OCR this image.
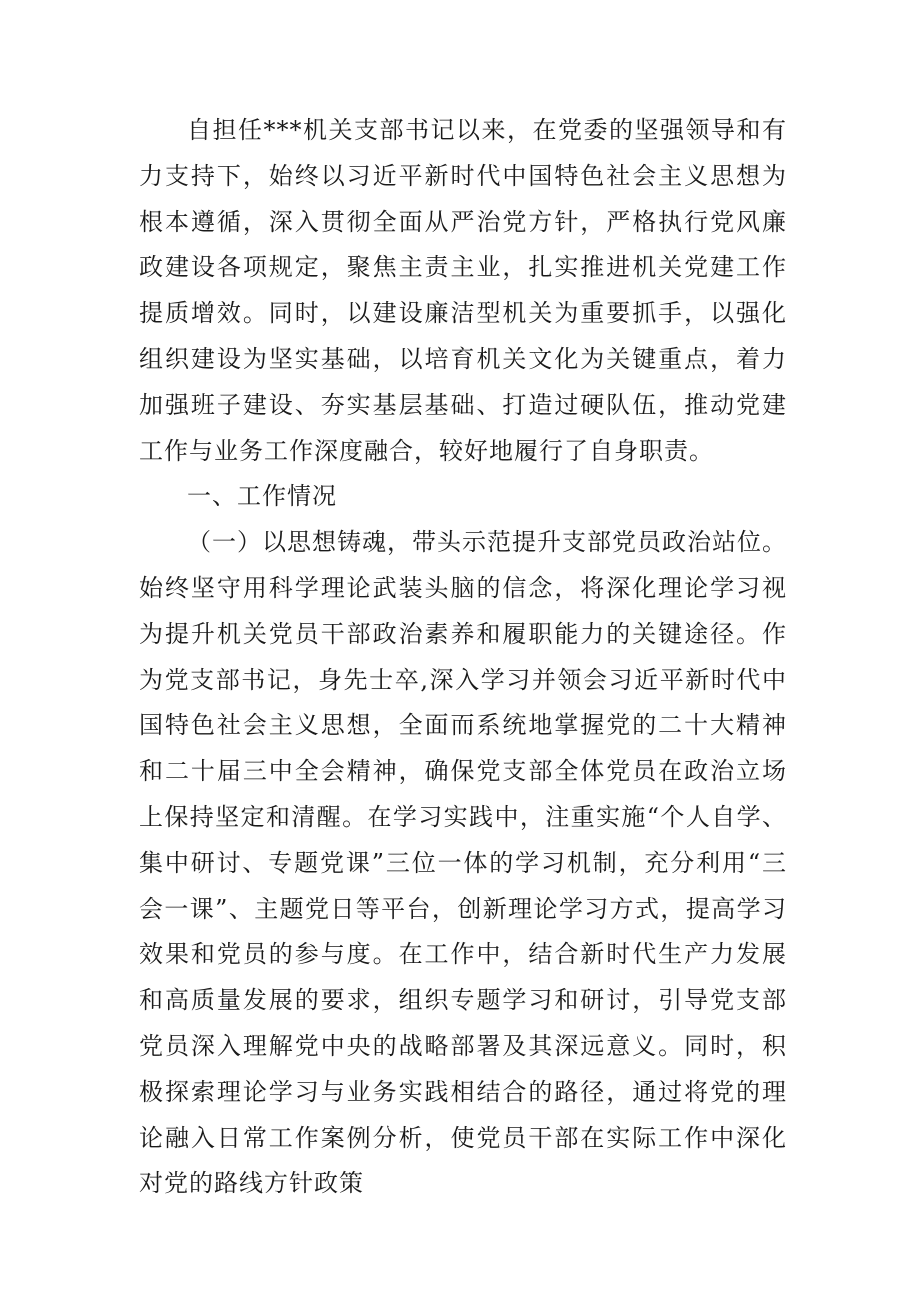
自担任***机关支部书记以来，在党委的坚强领导和有力支持下，始终以习近平新时代中国特色社会主义思想为根本遵循，深入贯彻全面从严治党方针，严格执行党风廉政建设各项规定，聚焦主责主业，扎实推进机关党建工作提质增效。同时，以建设廉洁型机关为重要抓手，以强化组织建设为坚实基础，以培育机关文化为关键重点，着力加强班子建设、夯实基层基础、打造过硬队伍，推动党建工作与业务工作深度融合，较好地履行了自身职责。

一、工作情况

（一）以思想铸魂，带头示范提升支部党员政治站位。始终坚守用科学理论武装头脑的信念，将深化理论学习视为提升机关党员干部政治素养和履职能力的关键途径。作为党支部书记，身先士卒,深入学习并领会习近平新时代中国特色社会主义思想，全面而系统地掌握党的二十大精神和二十届三中全会精神，确保党支部全体党员在政治立场上保持坚定和清醒。在学习实践中，注重实施“个人自学、集中研讨、专题党课”三位一体的学习机制，充分利用“三会一课”、主题党日等平台，创新理论学习方式，提高学习效果和党员的参与度。在工作中，结合新时代生产力发展和高质量发展的要求，组织专题学习和研讨，引导党支部党员深入理解党中央的战略部署及其深远意义。同时，积极探索理论学习与业务实践相结合的路径，通过将党的理论融入日常工作案例分析，使党员干部在实际工作中深化对党的路线方针政策
